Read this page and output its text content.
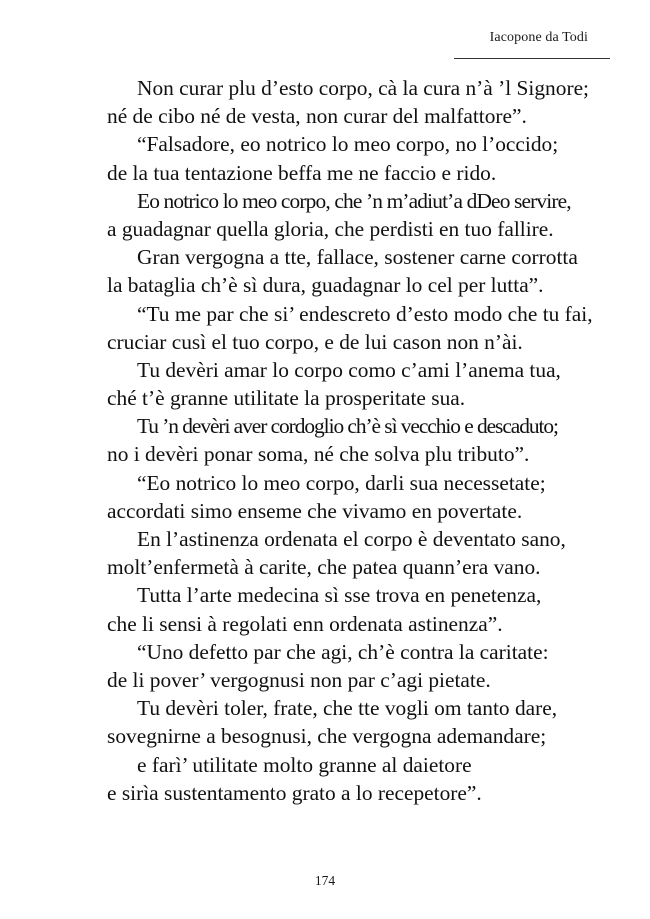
Iacopone da Todi
Non curar plu d’esto corpo, cà la cura n’à ’l Signore;
né de cibo né de vesta, non curar del malfattore”.
“Falsadore, eo notrico lo meo corpo, no l’occido;
de la tua tentazione beffa me ne faccio e rido.
Eo notrico lo meo corpo, che ’n m’adiut’a dDeo servire,
a guadagnar quella gloria, che perdisti en tuo fallire.
Gran vergogna a tte, fallace, sostener carne corrotta
la bataglia ch’è sì dura, guadagnar lo cel per lutta”.
“Tu me par che si’ endescreto d’esto modo che tu fai,
cruciar cusì el tuo corpo, e de lui cason non n’ài.
Tu devèri amar lo corpo como c’ami l’anema tua,
ché t’è granne utilitate la prosperitate sua.
Tu ’n devèri aver cordoglio ch’è sì vecchio e descaduto;
no i devèri ponar soma, né che solva plu tributo”.
“Eo notrico lo meo corpo, darli sua necessetate;
accordati simo enseme che vivamo en povertate.
En l’astinenza ordenata el corpo è deventato sano,
molt’enfermetà à carite, che patea quann’era vano.
Tutta l’arte medecina sì sse trova en penetenza,
che li sensi à regolati enn ordenata astinenza”.
“Uno defetto par che agi, ch’è contra la caritate:
de li pover’ vergognusi non par c’agi pietate.
Tu devèri toler, frate, che tte vogli om tanto dare,
sovegnirne a besognusi, che vergogna ademandare;
e farì’ utilitate molto granne al daietore
e sirìa sustentamento grato a lo recepetore”.
174
